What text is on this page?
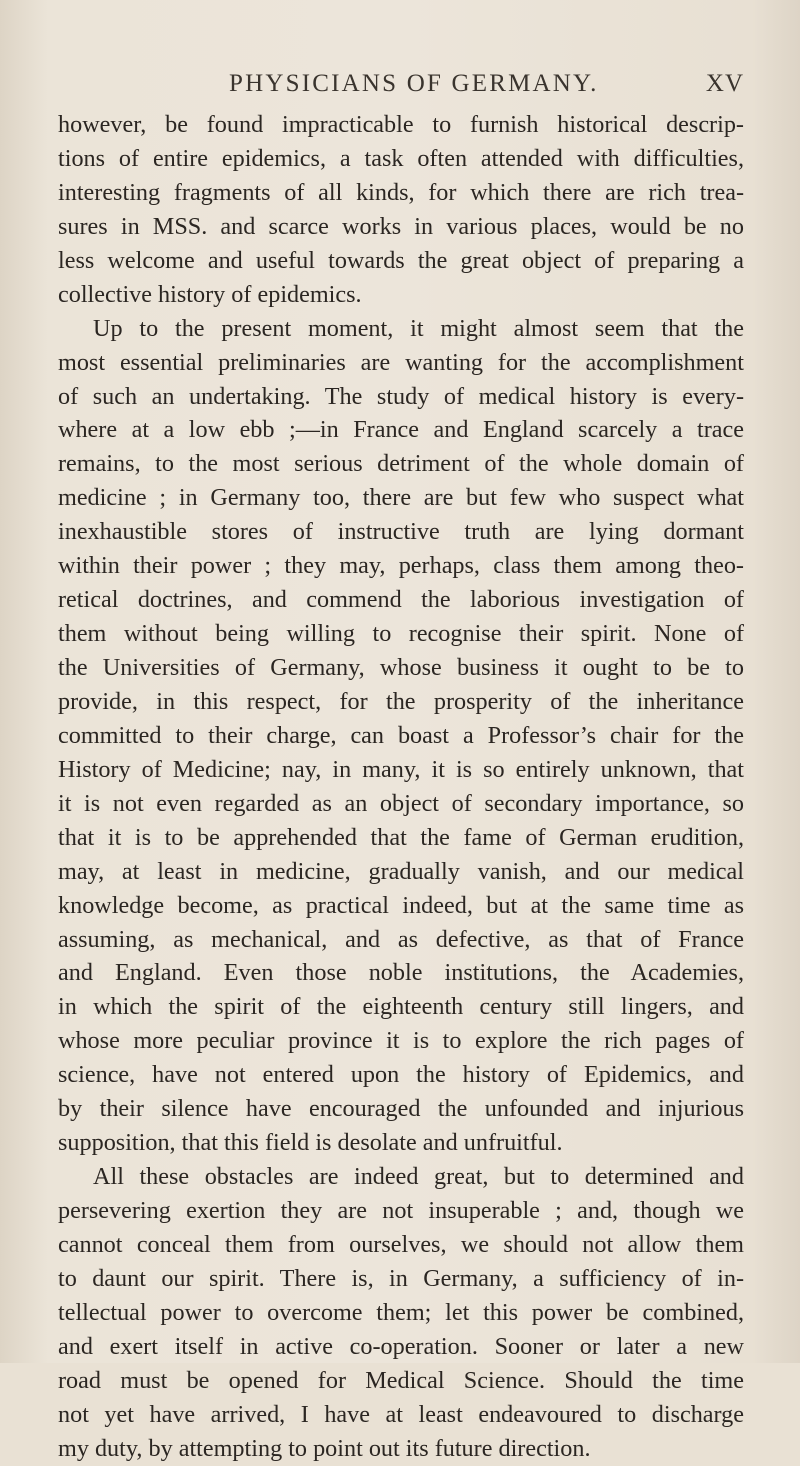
PHYSICIANS OF GERMANY.	XV
however, be found impracticable to furnish historical descrip-
tions of entire epidemics, a task often attended with difficulties,
interesting fragments of all kinds, for which there are rich trea-
sures in MSS. and scarce works in various places, would be no
less welcome and useful towards the great object of preparing a
collective history of epidemics.
Up to the present moment, it might almost seem that the
most essential preliminaries are wanting for the accomplishment
of such an undertaking. The study of medical history is every-
where at a low ebb ;—in France and England scarcely a trace
remains, to the most serious detriment of the whole domain of
medicine ; in Germany too, there are but few who suspect what
inexhaustible stores of instructive truth are lying dormant
within their power ; they may, perhaps, class them among theo-
retical doctrines, and commend the laborious investigation of
them without being willing to recognise their spirit. None of
the Universities of Germany, whose business it ought to be to
provide, in this respect, for the prosperity of the inheritance
committed to their charge, can boast a Professor’s chair for the
History of Medicine; nay, in many, it is so entirely unknown, that
it is not even regarded as an object of secondary importance, so
that it is to be apprehended that the fame of German erudition,
may, at least in medicine, gradually vanish, and our medical
knowledge become, as practical indeed, but at the same time as
assuming, as mechanical, and as defective, as that of France
and England. Even those noble institutions, the Academies,
in which the spirit of the eighteenth century still lingers, and
whose more peculiar province it is to explore the rich pages of
science, have not entered upon the history of Epidemics, and
by their silence have encouraged the unfounded and injurious
supposition, that this field is desolate and unfruitful.
All these obstacles are indeed great, but to determined and
persevering exertion they are not insuperable ; and, though we
cannot conceal them from ourselves, we should not allow them
to daunt our spirit. There is, in Germany, a sufficiency of in-
tellectual power to overcome them; let this power be combined,
and exert itself in active co-operation. Sooner or later a new
road must be opened for Medical Science. Should the time
not yet have arrived, I have at least endeavoured to discharge
my duty, by attempting to point out its future direction.
